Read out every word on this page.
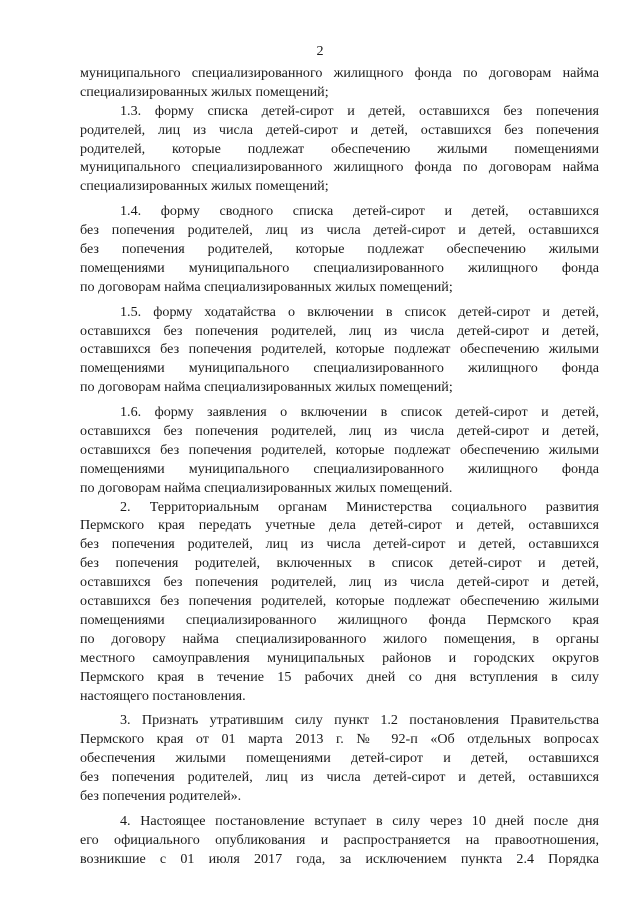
2
муниципального специализированного жилищного фонда по договорам найма
специализированных жилых помещений;
1.3. форму списка детей-сирот и детей, оставшихся без попечения
родителей, лиц из числа детей-сирот и детей, оставшихся без попечения
родителей, которые подлежат обеспечению жилыми помещениями
муниципального специализированного жилищного фонда по договорам найма
специализированных жилых помещений;
1.4. форму сводного списка детей-сирот и детей, оставшихся
без попечения родителей, лиц из числа детей-сирот и детей, оставшихся
без попечения родителей, которые подлежат обеспечению жилыми
помещениями муниципального специализированного жилищного фонда
по договорам найма специализированных жилых помещений;
1.5. форму ходатайства о включении в список детей-сирот и детей,
оставшихся без попечения родителей, лиц из числа детей-сирот и детей,
оставшихся без попечения родителей, которые подлежат обеспечению жилыми
помещениями муниципального специализированного жилищного фонда
по договорам найма специализированных жилых помещений;
1.6. форму заявления о включении в список детей-сирот и детей,
оставшихся без попечения родителей, лиц из числа детей-сирот и детей,
оставшихся без попечения родителей, которые подлежат обеспечению жилыми
помещениями муниципального специализированного жилищного фонда
по договорам найма специализированных жилых помещений.
2. Территориальным органам Министерства социального развития
Пермского края передать учетные дела детей-сирот и детей, оставшихся
без попечения родителей, лиц из числа детей-сирот и детей, оставшихся
без попечения родителей, включенных в список детей-сирот и детей,
оставшихся без попечения родителей, лиц из числа детей-сирот и детей,
оставшихся без попечения родителей, которые подлежат обеспечению жилыми
помещениями специализированного жилищного фонда Пермского края
по договору найма специализированного жилого помещения, в органы
местного самоуправления муниципальных районов и городских округов
Пермского края в течение 15 рабочих дней со дня вступления в силу
настоящего постановления.
3. Признать утратившим силу пункт 1.2 постановления Правительства
Пермского края от 01 марта 2013 г. № 92-п «Об отдельных вопросах
обеспечения жилыми помещениями детей-сирот и детей, оставшихся
без попечения родителей, лиц из числа детей-сирот и детей, оставшихся
без попечения родителей».
4. Настоящее постановление вступает в силу через 10 дней после дня
его официального опубликования и распространяется на правоотношения,
возникшие с 01 июля 2017 года, за исключением пункта 2.4 Порядка
